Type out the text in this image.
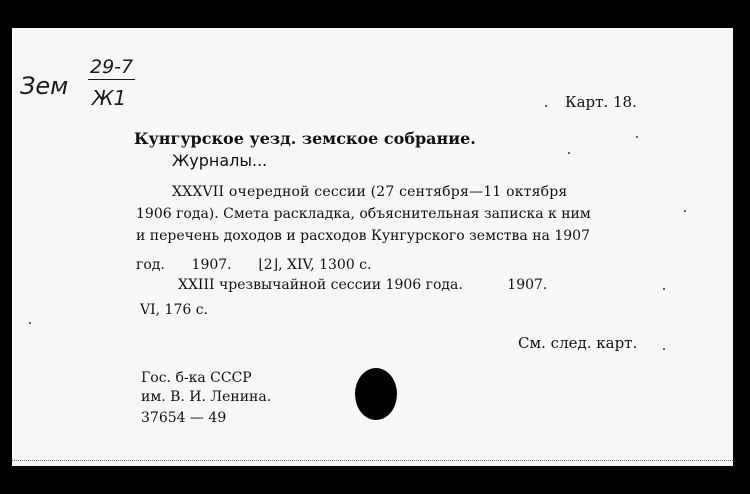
Зем
29-7
Ж1	Карт. 18.
Кунгурское уезд. земское собрание.
Журналы...
XXXVII очередной сессии (27 сентября—11 октября
1906 года). Смета раскладка, объяснительная записка к ним
и перечень доходов и расходов Кунгурского земства на 1907
год.      1907.      ⌊2⌋, XIV, 1300 с.
XXIII чрезвычайной сессии 1906 года.          1907.
VI, 176 с.
См. след. карт.
Гос. б-ка СССР
им. В. И. Ленина.
37654 — 49
